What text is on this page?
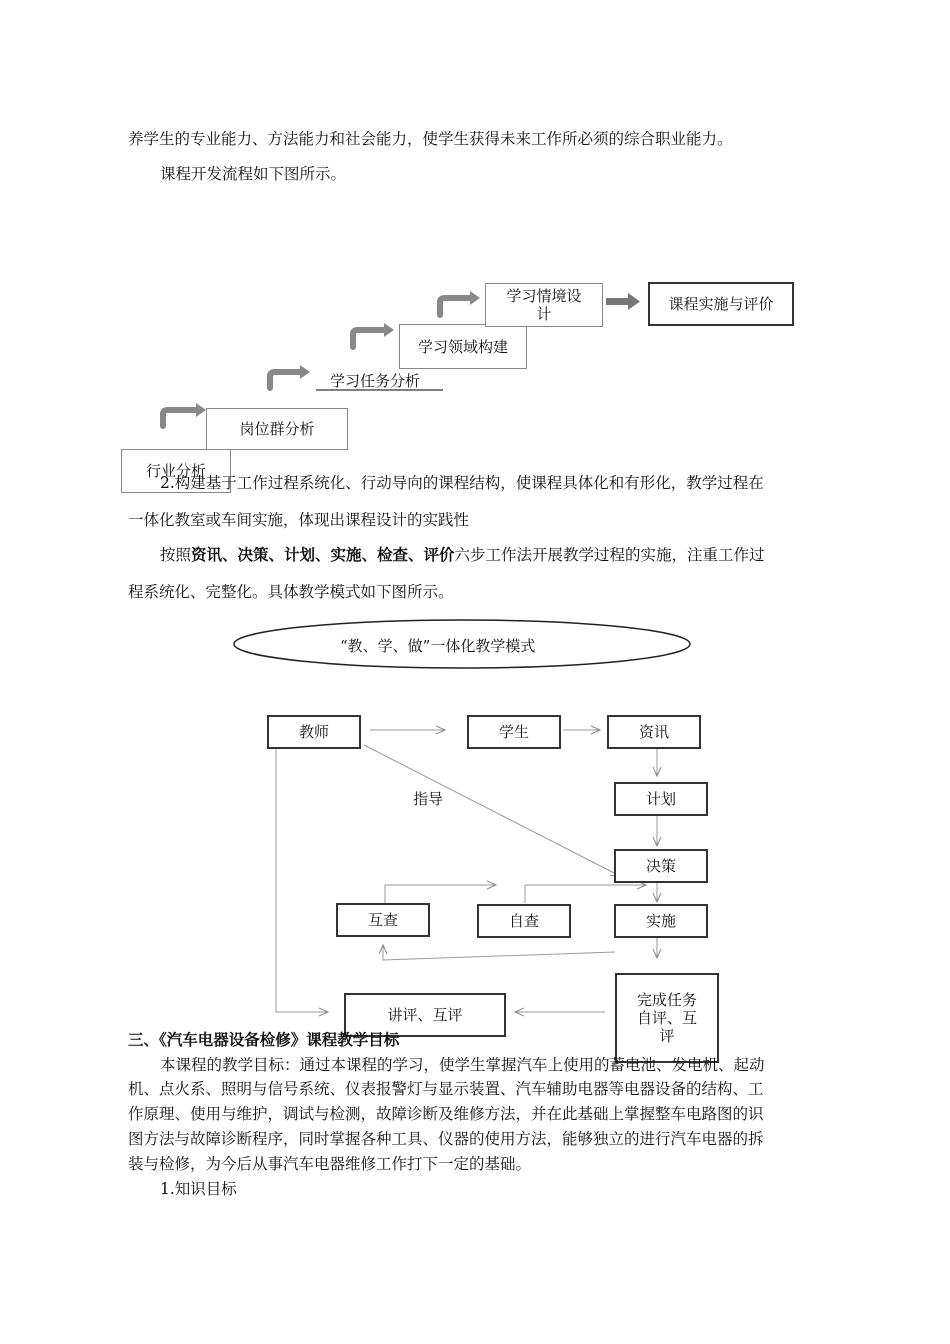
养学生的专业能力、方法能力和社会能力，使学生获得未来工作所必须的综合职业能力。
课程开发流程如下图所示。
行业分析
岗位群分析
学习任务分析
学习领域构建
学习情境设计
课程实施与评价
2.构建基于工作过程系统化、行动导向的课程结构，使课程具体化和有形化，教学过程在
一体化教室或车间实施，体现出课程设计的实践性
按照资讯、决策、计划、实施、检查、评价六步工作法开展教学过程的实施，注重工作过
程系统化、完整化。具体教学模式如下图所示。
“教、学、做”一体化教学模式
教师	学生	资讯
计划
决策
实施
自查
互查
完成任务自评、互评
讲评、互评
指导
三、《汽车电器设备检修》课程教学目标
本课程的教学目标：通过本课程的学习，使学生掌握汽车上使用的蓄电池、发电机、起动
机、点火系、照明与信号系统、仪表报警灯与显示装置、汽车辅助电器等电器设备的结构、工
作原理、使用与维护，调试与检测，故障诊断及维修方法，并在此基础上掌握整车电路图的识
图方法与故障诊断程序，同时掌握各种工具、仪器的使用方法，能够独立的进行汽车电器的拆
装与检修，为今后从事汽车电器维修工作打下一定的基础。
1.知识目标
